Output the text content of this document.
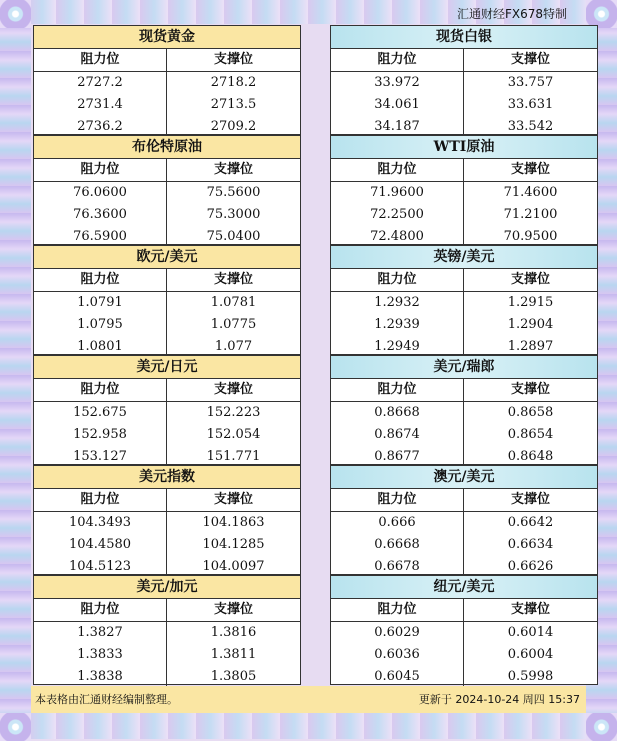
汇通财经FX678特制
现货黄金
阻力位	支撑位
2727.2	2718.2
2731.4	2713.5
2736.2	2709.2
现货白银
阻力位	支撑位
33.972	33.757
34.061	33.631
34.187	33.542
布伦特原油
阻力位	支撑位
76.0600	75.5600
76.3600	75.3000
76.5900	75.0400
WTI原油
阻力位	支撑位
71.9600	71.4600
72.2500	71.2100
72.4800	70.9500
欧元/美元
阻力位	支撑位
1.0791	1.0781
1.0795	1.0775
1.0801	1.077
英镑/美元
阻力位	支撑位
1.2932	1.2915
1.2939	1.2904
1.2949	1.2897
美元/日元
阻力位	支撑位
152.675	152.223
152.958	152.054
153.127	151.771
美元/瑞郎
阻力位	支撑位
0.8668	0.8658
0.8674	0.8654
0.8677	0.8648
美元指数
阻力位	支撑位
104.3493	104.1863
104.4580	104.1285
104.5123	104.0097
澳元/美元
阻力位	支撑位
0.666	0.6642
0.6668	0.6634
0.6678	0.6626
美元/加元
阻力位	支撑位
1.3827	1.3816
1.3833	1.3811
1.3838	1.3805
纽元/美元
阻力位	支撑位
0.6029	0.6014
0.6036	0.6004
0.6045	0.5998
本表格由汇通财经编制整理。	更新于 2024-10-24 周四 15:37
